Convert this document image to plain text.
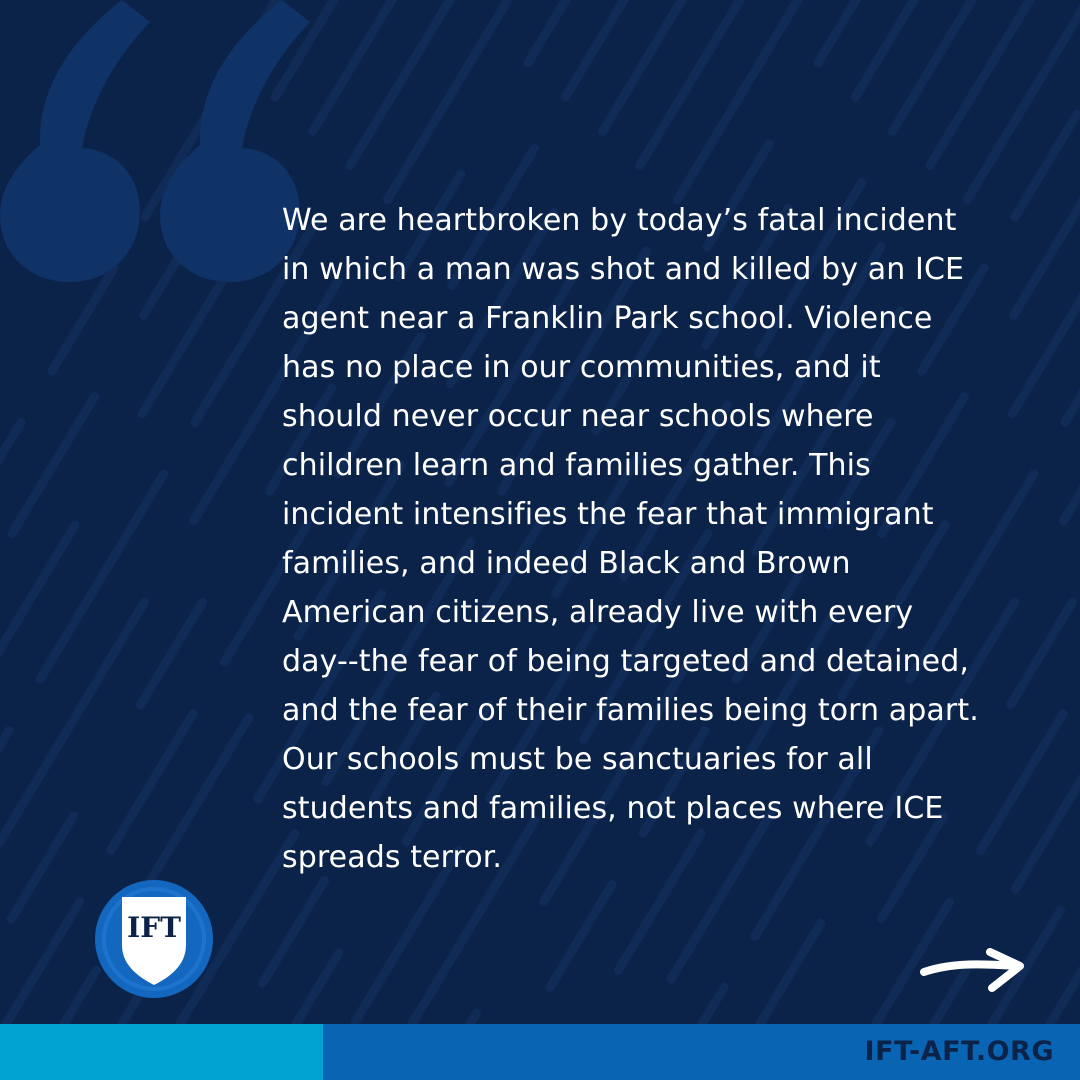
We are heartbroken by today’s fatal incident in which a man was shot and killed by an ICE agent near a Franklin Park school. Violence has no place in our communities, and it should never occur near schools where children learn and families gather. This incident intensifies the fear that immigrant families, and indeed Black and Brown American citizens, already live with every day--the fear of being targeted and detained, and the fear of their families being torn apart. Our schools must be sanctuaries for all students and families, not places where ICE spreads terror.

IFT

IFT-AFT.ORG
